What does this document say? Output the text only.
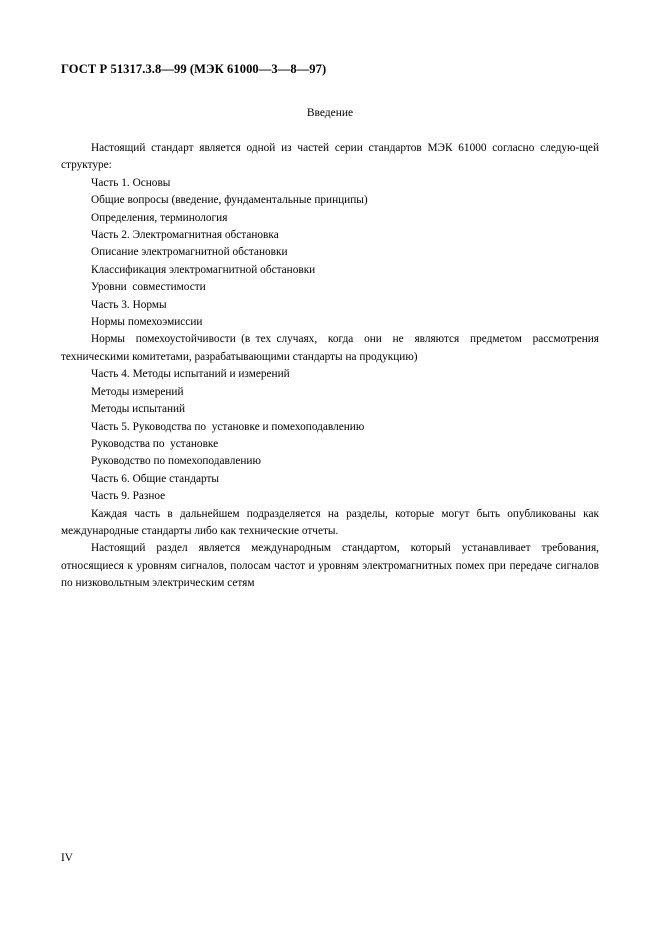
ГОСТ Р 51317.3.8—99 (МЭК 61000—3—8—97)
Введение

Настоящий стандарт является одной из частей серии стандартов МЭК 61000 согласно следую-щей структуре:

Часть 1. Основы

Общие вопросы (введение, фундаментальные принципы)

Определения, терминология

Часть 2. Электромагнитная обстановка

Описание электромагнитной обстановки

Классификация электромагнитной обстановки

Уровни  совместимости

Часть 3. Нормы

Нормы помехоэмиссии

Нормы  помехоустойчивости (в тех случаях,  когда  они  не  являются  предметом  рассмотрения техническими комитетами, разрабатывающими стандарты на продукцию)

Часть 4. Методы испытаний и измерений

Методы измерений

Методы испытаний

Часть 5. Руководства по  установке и помехоподавлению

Руководства по  установке

Руководство по помехоподавлению

Часть 6. Общие стандарты

Часть 9. Разное

Каждая часть в дальнейшем подразделяется на разделы, которые могут быть опубликованы как международные стандарты либо как технические отчеты.

Настоящий раздел является международным стандартом, который устанавливает требования, относящиеся к уровням сигналов, полосам частот и уровням электромагнитных помех при передаче сигналов по низковольтным электрическим сетям

IV
